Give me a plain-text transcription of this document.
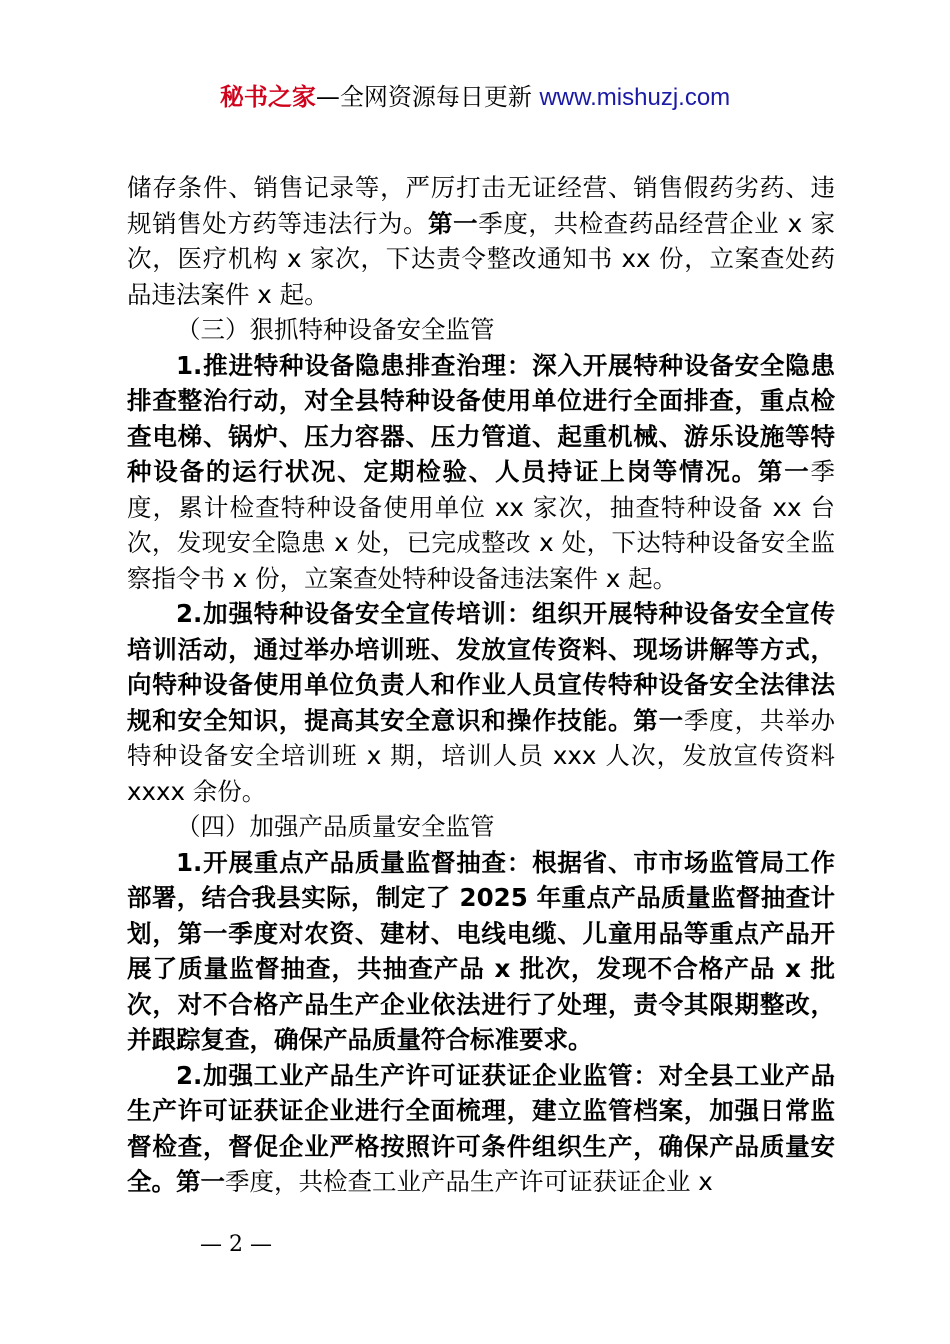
秘书之家—全网资源每日更新 www.mishuzj.com

储存条件、销售记录等，严厉打击无证经营、销售假药劣药、违规销售处方药等违法行为。第一季度，共检查药品经营企业 x 家次，医疗机构 x 家次，下达责令整改通知书 xx 份，立案查处药品违法案件 x 起。

（三）狠抓特种设备安全监管

1.推进特种设备隐患排查治理：深入开展特种设备安全隐患排查整治行动，对全县特种设备使用单位进行全面排查，重点检查电梯、锅炉、压力容器、压力管道、起重机械、游乐设施等特种设备的运行状况、定期检验、人员持证上岗等情况。第一季度，累计检查特种设备使用单位 xx 家次，抽查特种设备 xx 台次，发现安全隐患 x 处，已完成整改 x 处，下达特种设备安全监察指令书 x 份，立案查处特种设备违法案件 x 起。

2.加强特种设备安全宣传培训：组织开展特种设备安全宣传培训活动，通过举办培训班、发放宣传资料、现场讲解等方式，向特种设备使用单位负责人和作业人员宣传特种设备安全法律法规和安全知识，提高其安全意识和操作技能。第一季度，共举办特种设备安全培训班 x 期，培训人员 xxx 人次，发放宣传资料 xxxx 余份。

（四）加强产品质量安全监管

1.开展重点产品质量监督抽查：根据省、市市场监管局工作部署，结合我县实际，制定了 2025 年重点产品质量监督抽查计划，第一季度对农资、建材、电线电缆、儿童用品等重点产品开展了质量监督抽查，共抽查产品 x 批次，发现不合格产品 x 批次，对不合格产品生产企业依法进行了处理，责令其限期整改，并跟踪复查，确保产品质量符合标准要求。

2.加强工业产品生产许可证获证企业监管：对全县工业产品生产许可证获证企业进行全面梳理，建立监管档案，加强日常监督检查，督促企业严格按照许可条件组织生产，确保产品质量安全。第一季度，共检查工业产品生产许可证获证企业 x

— 2 —
